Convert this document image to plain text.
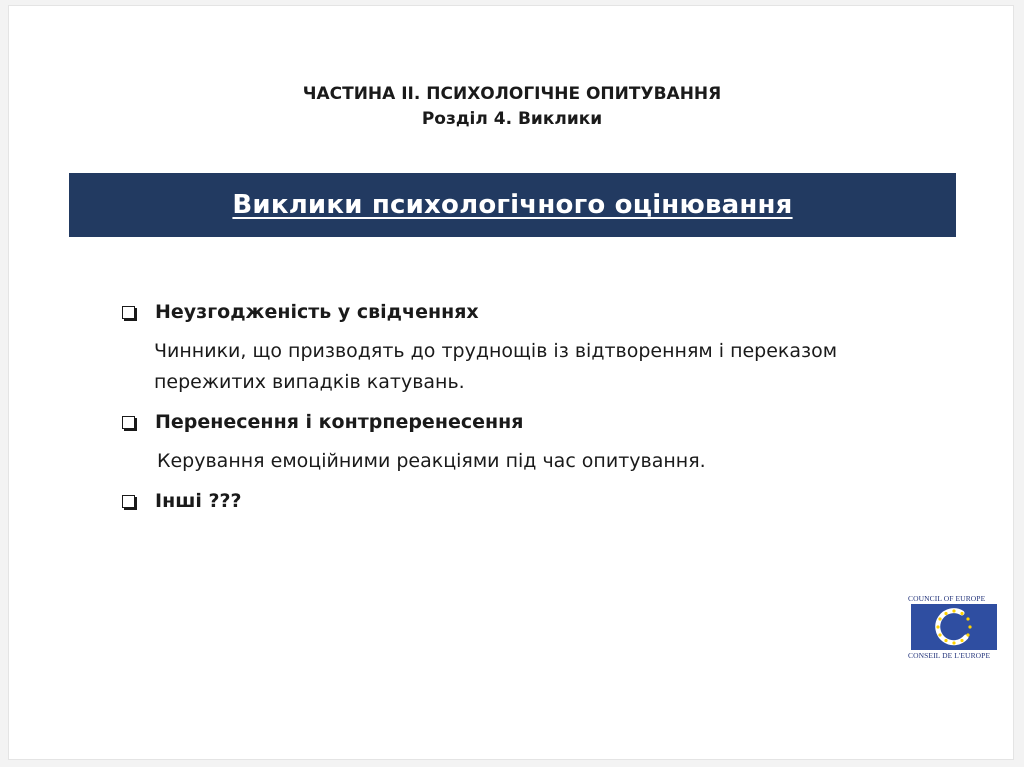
ЧАСТИНА ІІ. ПСИХОЛОГІЧНЕ ОПИТУВАННЯ
Розділ 4. Виклики
Виклики психологічного оцінювання
Неузгодженість у свідченнях
Чинники, що призводять до труднощів із відтворенням і переказом пережитих випадків катувань.
Перенесення і контрперенесення
Керування емоційними реакціями під час опитування.
Інші ???
COUNCIL OF EUROPE
CONSEIL DE L'EUROPE
